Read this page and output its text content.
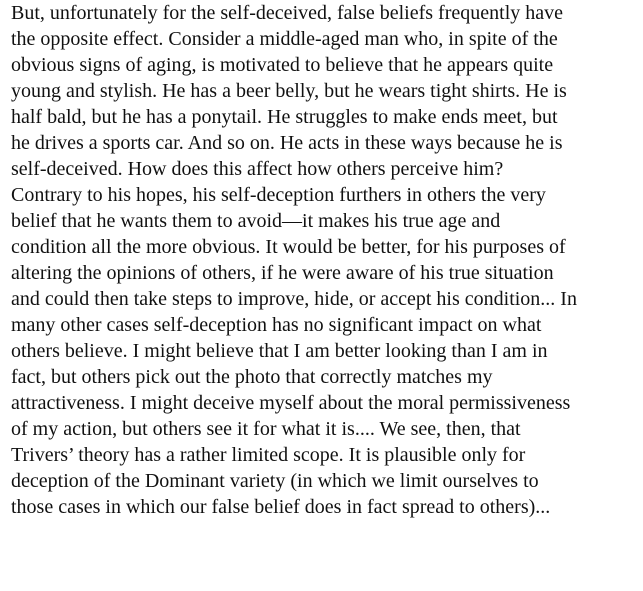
But, unfortunately for the self-deceived, false beliefs frequently have
the opposite effect. Consider a middle-aged man who, in spite of the
obvious signs of aging, is motivated to believe that he appears quite
young and stylish. He has a beer belly, but he wears tight shirts. He is
half bald, but he has a ponytail. He struggles to make ends meet, but
he drives a sports car. And so on. He acts in these ways because he is
self-deceived. How does this affect how others perceive him?
Contrary to his hopes, his self-deception furthers in others the very
belief that he wants them to avoid—it makes his true age and
condition all the more obvious. It would be better, for his purposes of
altering the opinions of others, if he were aware of his true situation
and could then take steps to improve, hide, or accept his condition... In
many other cases self-deception has no significant impact on what
others believe. I might believe that I am better looking than I am in
fact, but others pick out the photo that correctly matches my
attractiveness. I might deceive myself about the moral permissiveness
of my action, but others see it for what it is.... We see, then, that
Trivers’ theory has a rather limited scope. It is plausible only for
deception of the Dominant variety (in which we limit ourselves to
those cases in which our false belief does in fact spread to others)...
